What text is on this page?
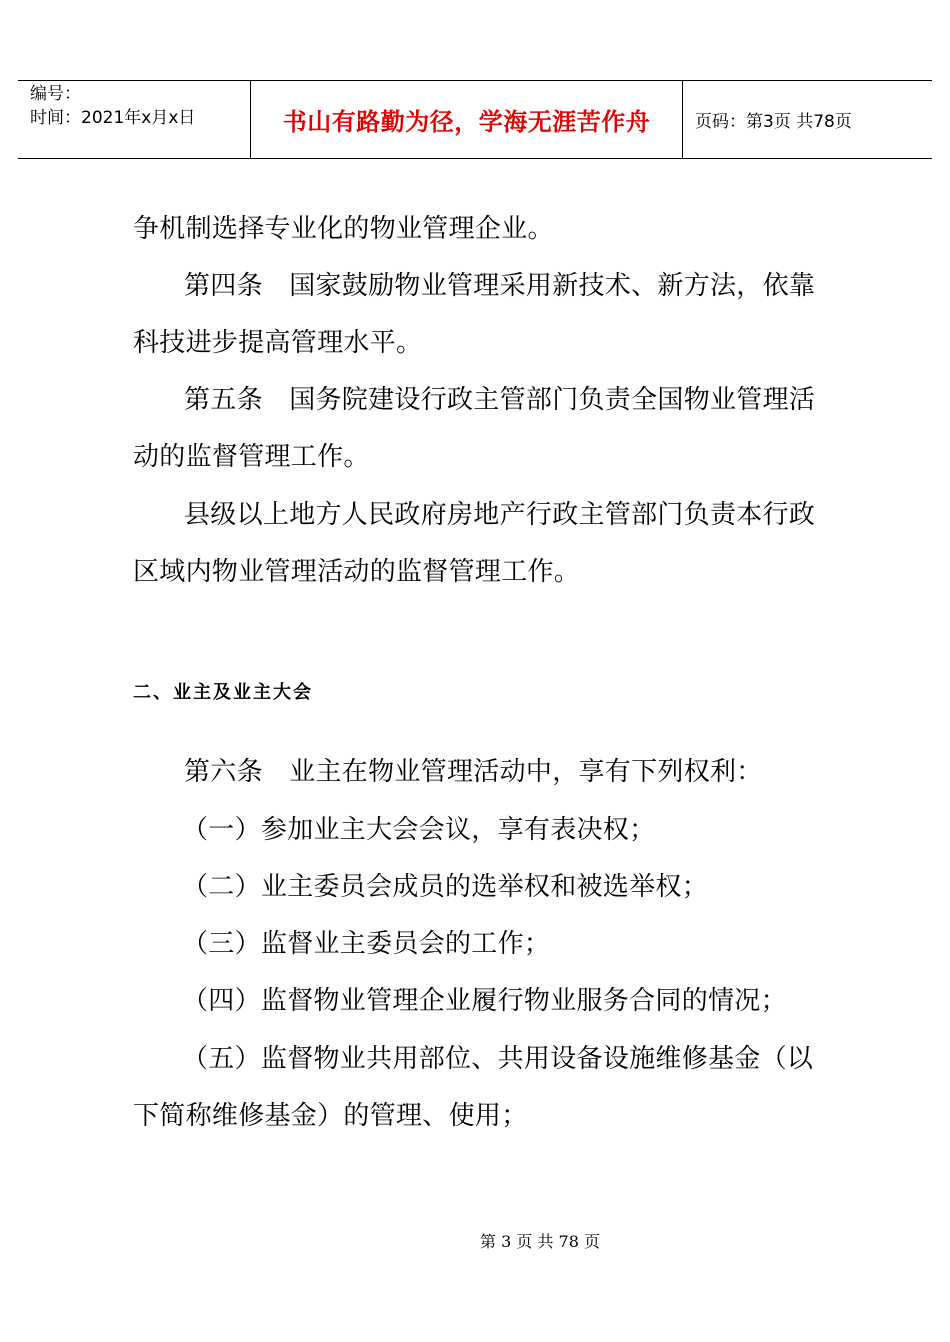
编号：
时间：2021年x月x日	书山有路勤为径，学海无涯苦作舟	页码：第3页 共78页
争机制选择专业化的物业管理企业。
第四条　国家鼓励物业管理采用新技术、新方法，依靠
科技进步提高管理水平。
第五条　国务院建设行政主管部门负责全国物业管理活
动的监督管理工作。
县级以上地方人民政府房地产行政主管部门负责本行政
区域内物业管理活动的监督管理工作。
二、业主及业主大会
第六条　业主在物业管理活动中，享有下列权利：
（一）参加业主大会会议，享有表决权；
（二）业主委员会成员的选举权和被选举权；
（三）监督业主委员会的工作；
（四）监督物业管理企业履行物业服务合同的情况；
（五）监督物业共用部位、共用设备设施维修基金（以
下简称维修基金）的管理、使用；
第 3 页 共 78 页
